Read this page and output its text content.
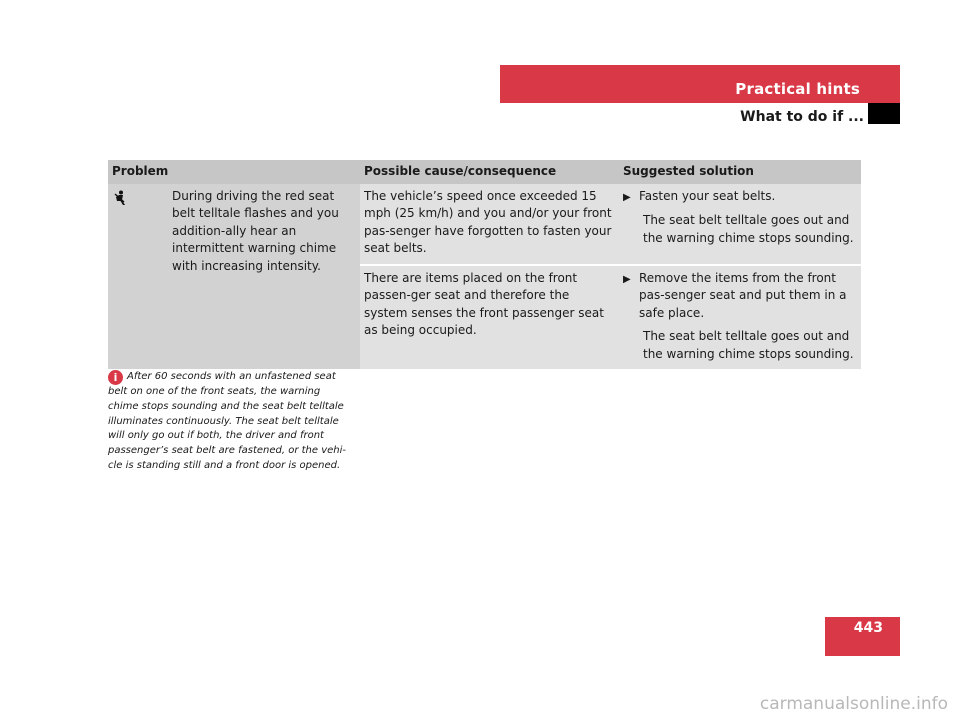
Practical hints
What to do if ...
Problem	Possible cause/consequence	Suggested solution

During driving the red seat belt telltale flashes and you addition-ally hear an intermittent warning chime with increasing intensity.	The vehicle’s speed once exceeded 15 mph (25 km/h) and you and/or your front pas-senger have forgotten to fasten your seat belts.	▶ Fasten your seat belts.
The seat belt telltale goes out and the warning chime stops sounding.

	There are items placed on the front passen-ger seat and therefore the system senses the front passenger seat as being occupied.	▶ Remove the items from the front pas-senger seat and put them in a safe place.
The seat belt telltale goes out and the warning chime stops sounding.
i After 60 seconds with an unfastened seat belt on one of the front seats, the warning chime stops sounding and the seat belt telltale illuminates continuously. The seat belt telltale will only go out if both, the driver and front passenger’s seat belt are fastened, or the vehi-cle is standing still and a front door is opened.
443
carmanualsonline.info
